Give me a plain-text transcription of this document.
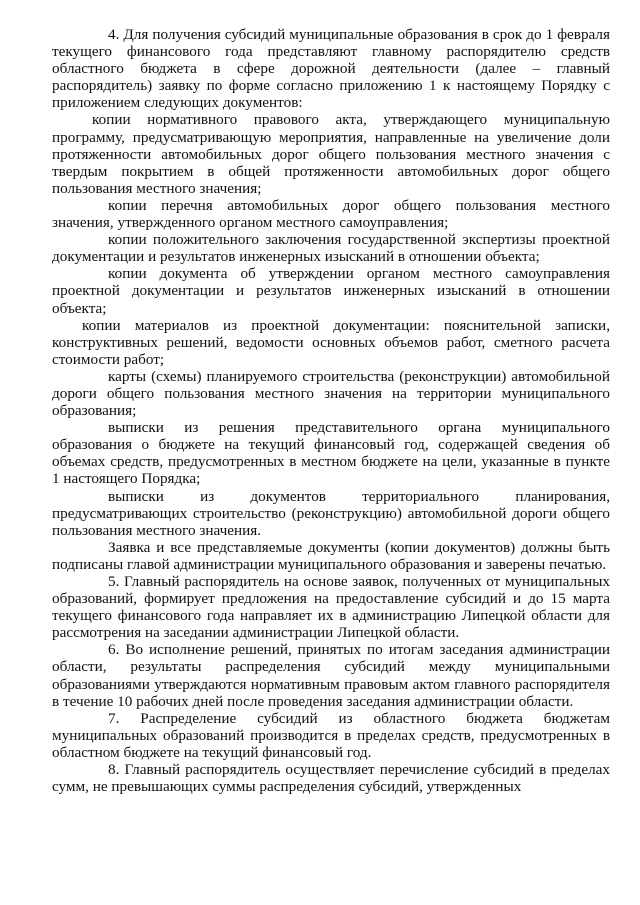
4. Для получения субсидий муниципальные образования в срок до 1 февраля текущего финансового года представляют главному распорядителю средств областного бюджета в сфере дорожной деятельности (далее – главный распорядитель) заявку по форме согласно приложению 1 к настоящему Порядку с приложением следующих документов:

копии нормативного правового акта, утверждающего муниципальную программу, предусматривающую мероприятия, направленные на увеличение доли протяженности автомобильных дорог общего пользования местного значения с твердым покрытием в общей протяженности автомобильных дорог общего пользования местного значения;

копии перечня автомобильных дорог общего пользования местного значения, утвержденного органом местного самоуправления;

копии положительного заключения государственной экспертизы проектной документации и результатов инженерных изысканий в отношении объекта;

копии документа об утверждении органом местного самоуправления проектной документации и результатов инженерных изысканий в отношении объекта;

копии материалов из проектной документации: пояснительной записки, конструктивных решений, ведомости основных объемов работ, сметного расчета стоимости работ;

карты (схемы) планируемого строительства (реконструкции) автомобильной дороги общего пользования местного значения на территории муниципального образования;

выписки из решения представительного органа муниципального образования о бюджете на текущий финансовый год, содержащей сведения об объемах средств, предусмотренных в местном бюджете на цели, указанные в пункте 1 настоящего Порядка;

выписки из документов территориального планирования, предусматривающих строительство (реконструкцию) автомобильной дороги общего пользования местного значения.

Заявка и все представляемые документы (копии документов) должны быть подписаны главой администрации муниципального образования и заверены печатью.

5. Главный распорядитель на основе заявок, полученных от муниципальных образований, формирует предложения на предоставление субсидий и до 15 марта текущего финансового года направляет их в администрацию Липецкой области для рассмотрения на заседании администрации Липецкой области.

6. Во исполнение решений, принятых по итогам заседания администрации области, результаты распределения субсидий между муниципальными образованиями утверждаются нормативным правовым актом главного распорядителя в течение 10 рабочих дней после проведения заседания администрации области.

7. Распределение субсидий из областного бюджета бюджетам муниципальных образований производится в пределах средств, предусмотренных в областном бюджете на текущий финансовый год.

8. Главный распорядитель осуществляет перечисление субсидий в пределах сумм, не превышающих суммы распределения субсидий, утвержденных
